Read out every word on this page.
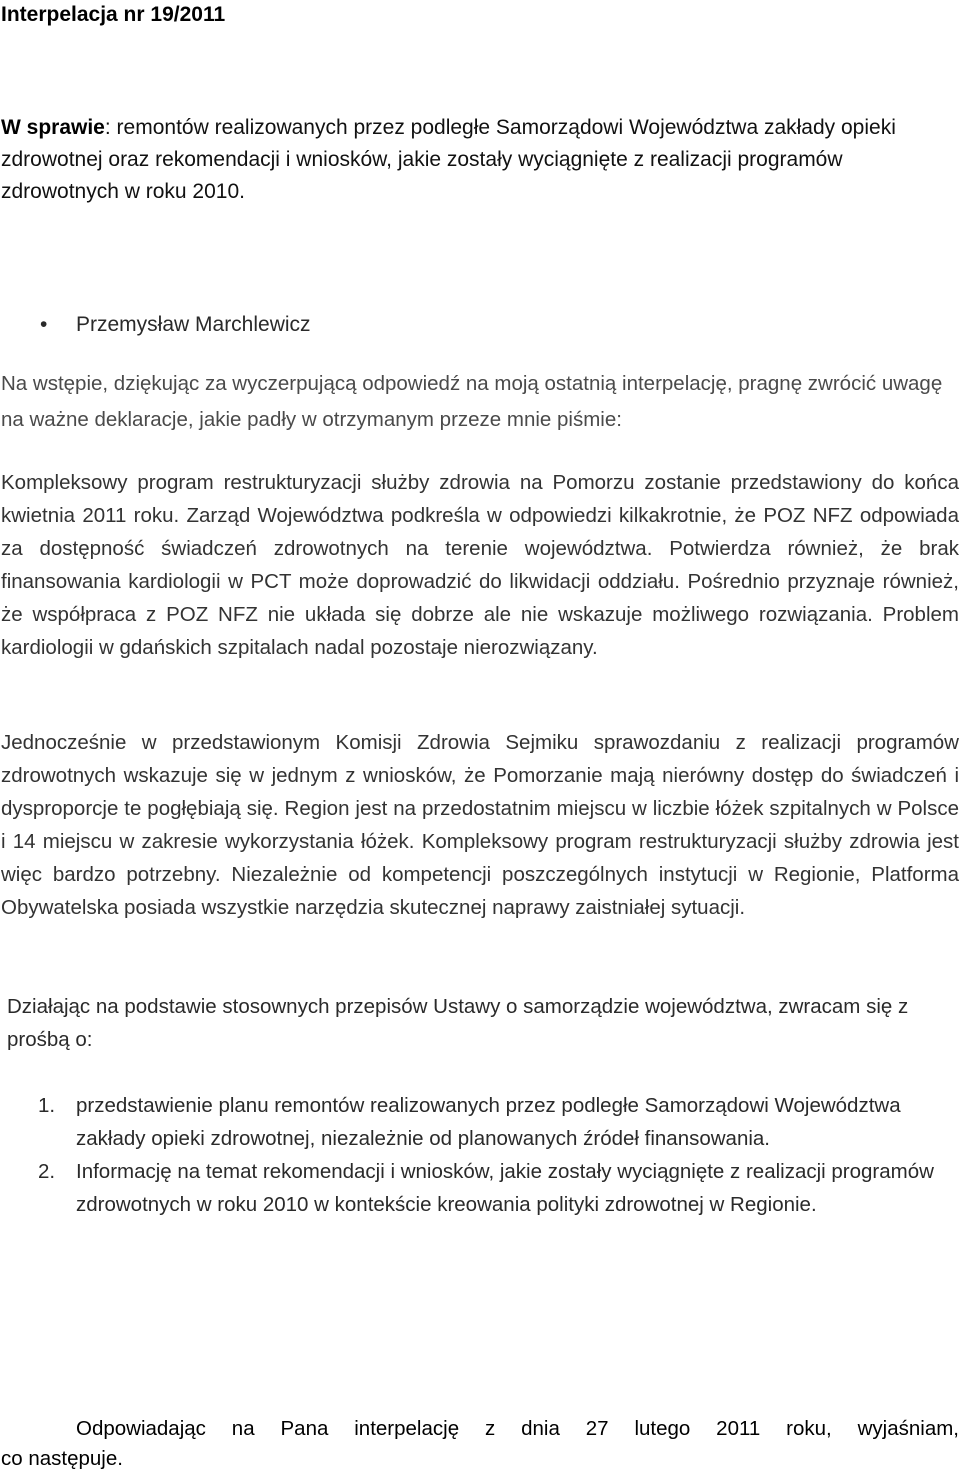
Interpelacja nr 19/2011
W sprawie: remontów realizowanych przez podległe Samorządowi Województwa zakłady opieki zdrowotnej oraz rekomendacji i wniosków, jakie zostały wyciągnięte z realizacji programów zdrowotnych w roku 2010.
• Przemysław Marchlewicz
Na wstępie, dziękując za wyczerpującą odpowiedź na moją ostatnią interpelację, pragnę zwrócić uwagę na ważne deklaracje, jakie padły w otrzymanym przeze mnie piśmie:
Kompleksowy program restrukturyzacji służby zdrowia na Pomorzu zostanie przedstawiony do końca kwietnia 2011 roku. Zarząd Województwa podkreśla w odpowiedzi kilkakrotnie, że POZ NFZ odpowiada za dostępność świadczeń zdrowotnych na terenie województwa. Potwierdza również, że brak finansowania kardiologii w PCT może doprowadzić do likwidacji oddziału. Pośrednio przyznaje również, że współpraca z POZ NFZ nie układa się dobrze ale nie wskazuje możliwego rozwiązania. Problem kardiologii w gdańskich szpitalach nadal pozostaje nierozwiązany.
Jednocześnie w przedstawionym Komisji Zdrowia Sejmiku sprawozdaniu z realizacji programów zdrowotnych wskazuje się w jednym z wniosków, że Pomorzanie mają nierówny dostęp do świadczeń i dysproporcje te pogłębiają się. Region jest na przedostatnim miejscu w liczbie łóżek szpitalnych w Polsce i 14 miejscu w zakresie wykorzystania łóżek. Kompleksowy program restrukturyzacji służby zdrowia jest więc bardzo potrzebny. Niezależnie od kompetencji poszczególnych instytucji w Regionie, Platforma Obywatelska posiada wszystkie narzędzia skutecznej naprawy zaistniałej sytuacji.
Działając na podstawie stosownych przepisów Ustawy o samorządzie województwa, zwracam się z prośbą o:
1. przedstawienie planu remontów realizowanych przez podległe Samorządowi Województwa zakłady opieki zdrowotnej, niezależnie od planowanych źródeł finansowania.
2. Informację na temat rekomendacji i wniosków, jakie zostały wyciągnięte z realizacji programów zdrowotnych w roku 2010 w kontekście kreowania polityki zdrowotnej w Regionie.
Odpowiadając na Pana interpelację z dnia 27 lutego 2011 roku, wyjaśniam,
co następuje.
